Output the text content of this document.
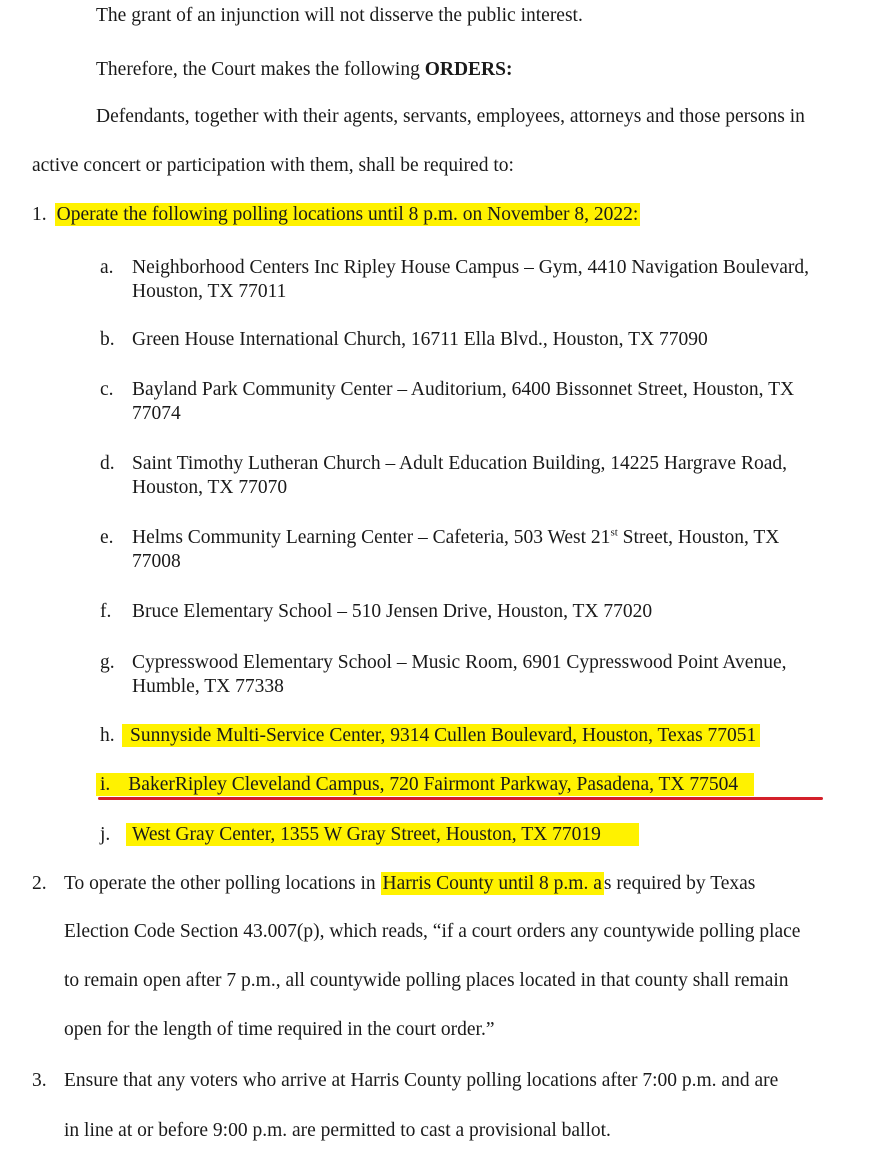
The grant of an injunction will not disserve the public interest.
Therefore, the Court makes the following ORDERS:
Defendants, together with their agents, servants, employees, attorneys and those persons in
active concert or participation with them, shall be required to:
1. Operate the following polling locations until 8 p.m. on November 8, 2022:
a. Neighborhood Centers Inc Ripley House Campus – Gym, 4410 Navigation Boulevard,
Houston, TX 77011
b. Green House International Church, 16711 Ella Blvd., Houston, TX 77090
c. Bayland Park Community Center – Auditorium, 6400 Bissonnet Street, Houston, TX
77074
d. Saint Timothy Lutheran Church – Adult Education Building, 14225 Hargrave Road,
Houston, TX 77070
e. Helms Community Learning Center – Cafeteria, 503 West 21st Street, Houston, TX
77008
f. Bruce Elementary School – 510 Jensen Drive, Houston, TX 77020
g. Cypresswood Elementary School – Music Room, 6901 Cypresswood Point Avenue,
Humble, TX 77338
h. Sunnyside Multi-Service Center, 9314 Cullen Boulevard, Houston, Texas 77051
i. BakerRipley Cleveland Campus, 720 Fairmont Parkway, Pasadena, TX 77504
j.	West Gray Center, 1355 W Gray Street, Houston, TX 77019
2. To operate the other polling locations in Harris County until 8 p.m. a s required by Texas
Election Code Section 43.007(p), which reads, “if a court orders any countywide polling place
to remain open after 7 p.m., all countywide polling places located in that county shall remain
open for the length of time required in the court order.”
3. Ensure that any voters who arrive at Harris County polling locations after 7:00 p.m. and are
in line at or before 9:00 p.m. are permitted to cast a provisional ballot.
